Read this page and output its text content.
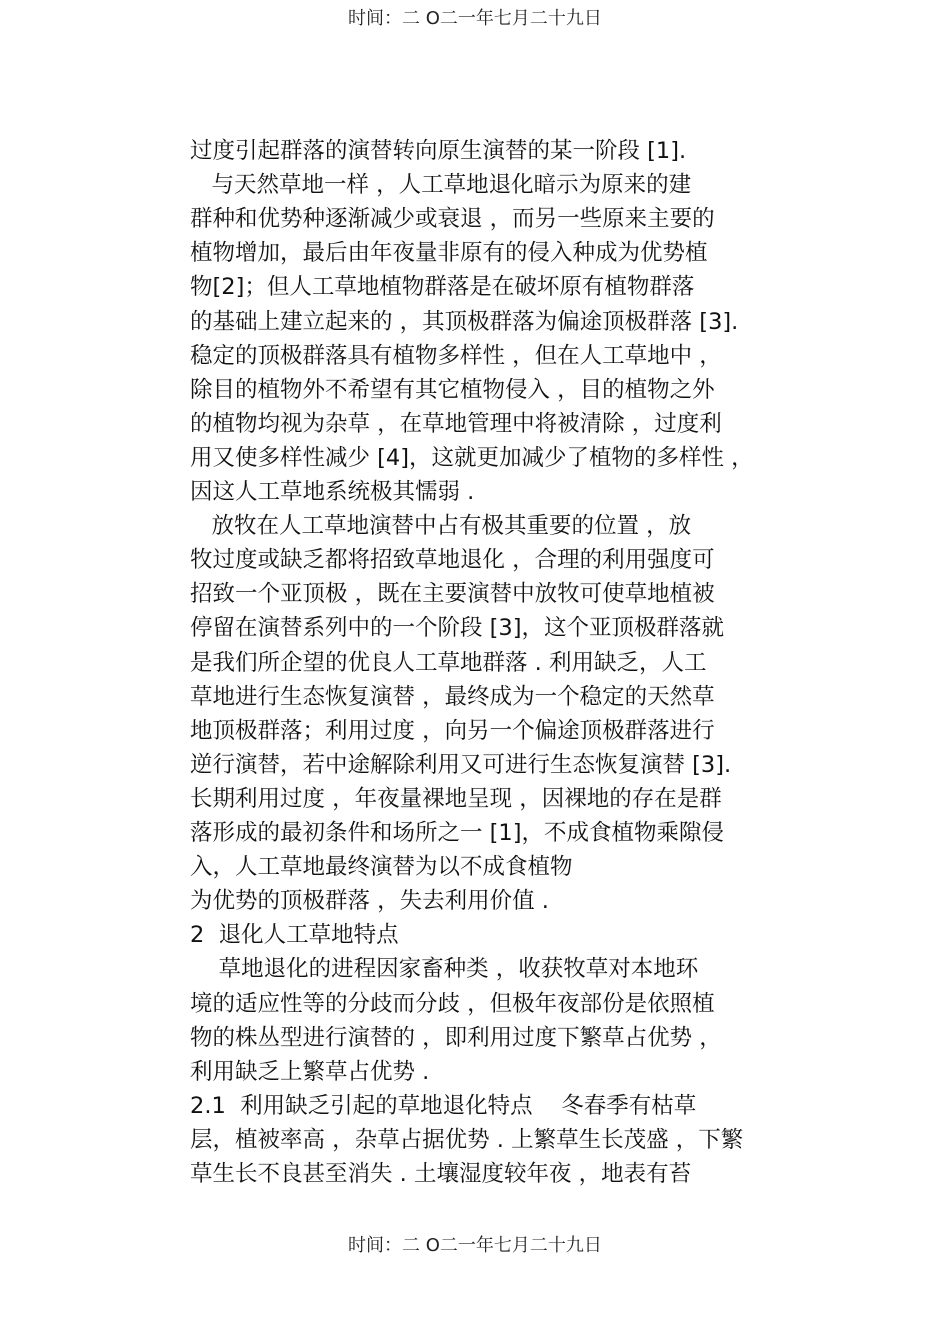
时间：二 O二一年七月二十九日
过度引起群落的演替转向原生演替的某一阶段 [1].
与天然草地一样 ，人工草地退化暗示为原来的建
群种和优势种逐渐减少或衰退 ，而另一些原来主要的
植物增加，最后由年夜量非原有的侵入种成为优势植
物[2]；但人工草地植物群落是在破坏原有植物群落
的基础上建立起来的 ，其顶极群落为偏途顶极群落 [3].
稳定的顶极群落具有植物多样性 ，但在人工草地中 ，
除目的植物外不希望有其它植物侵入 ，目的植物之外
的植物均视为杂草 ，在草地管理中将被清除 ，过度利
用又使多样性减少 [4]，这就更加减少了植物的多样性 ，
因这人工草地系统极其懦弱 .
放牧在人工草地演替中占有极其重要的位置 ，放
牧过度或缺乏都将招致草地退化 ，合理的利用强度可
招致一个亚顶极 ，既在主要演替中放牧可使草地植被
停留在演替系列中的一个阶段 [3]，这个亚顶极群落就
是我们所企望的优良人工草地群落 . 利用缺乏，人工
草地进行生态恢复演替 ，最终成为一个稳定的天然草
地顶极群落；利用过度 ，向另一个偏途顶极群落进行
逆行演替，若中途解除利用又可进行生态恢复演替 [3].
长期利用过度 ，年夜量裸地呈现 ，因裸地的存在是群
落形成的最初条件和场所之一 [1]，不成食植物乘隙侵
入，人工草地最终演替为以不成食植物
为优势的顶极群落 ，失去利用价值 .
2  退化人工草地特点
草地退化的进程因家畜种类 ，收获牧草对本地环
境的适应性等的分歧而分歧 ，但极年夜部份是依照植
物的株丛型进行演替的 ，即利用过度下繁草占优势 ，
利用缺乏上繁草占优势 .
2.1  利用缺乏引起的草地退化特点    冬春季有枯草
层，植被率高 ，杂草占据优势 . 上繁草生长茂盛 ，下繁
草生长不良甚至消失 . 土壤湿度较年夜 ，地表有苔
时间：二 O二一年七月二十九日
